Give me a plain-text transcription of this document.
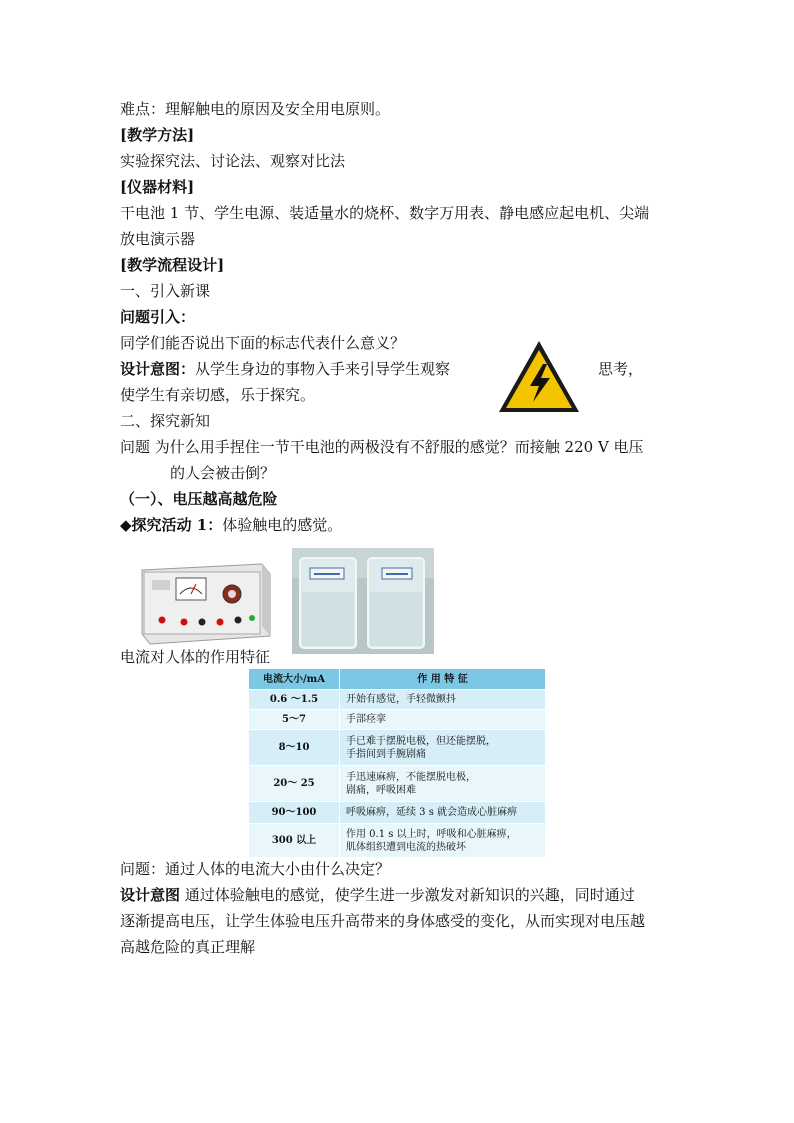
难点：理解触电的原因及安全用电原则。
[教学方法]
实验探究法、讨论法、观察对比法
[仪器材料]
干电池 1 节、学生电源、装适量水的烧杯、数字万用表、静电感应起电机、尖端
放电演示器
[教学流程设计]
一、引入新课
问题引入：
同学们能否说出下面的标志代表什么意义？
设计意图：从学生身边的事物入手来引导学生观察	思考，
使学生有亲切感，乐于探究。
二、探究新知
问题 为什么用手捏住一节干电池的两极没有不舒服的感觉？而接触 220 V 电压
的人会被击倒？
（一）、电压越高越危险
◆探究活动 1：体验触电的感觉。
电流对人体的作用特征
电流大小/mA	作 用 特 征
0.6 ～1.5	开始有感觉，手轻微颤抖
5～7	手部痉挛
8～10	手已难于摆脱电极，但还能摆脱，
手指间到手腕剧痛
20～ 25	手迅速麻痹，不能摆脱电极，
剧痛，呼吸困难
90～100	呼吸麻痹，延续 3 s 就会造成心脏麻痹
300 以上	作用 0.1 s 以上时，呼吸和心脏麻痹，
肌体组织遭到电流的热破坏
问题：通过人体的电流大小由什么决定？
设计意图 通过体验触电的感觉，使学生进一步激发对新知识的兴趣，同时通过
逐渐提高电压，让学生体验电压升高带来的身体感受的变化，从而实现对电压越
高越危险的真正理解
